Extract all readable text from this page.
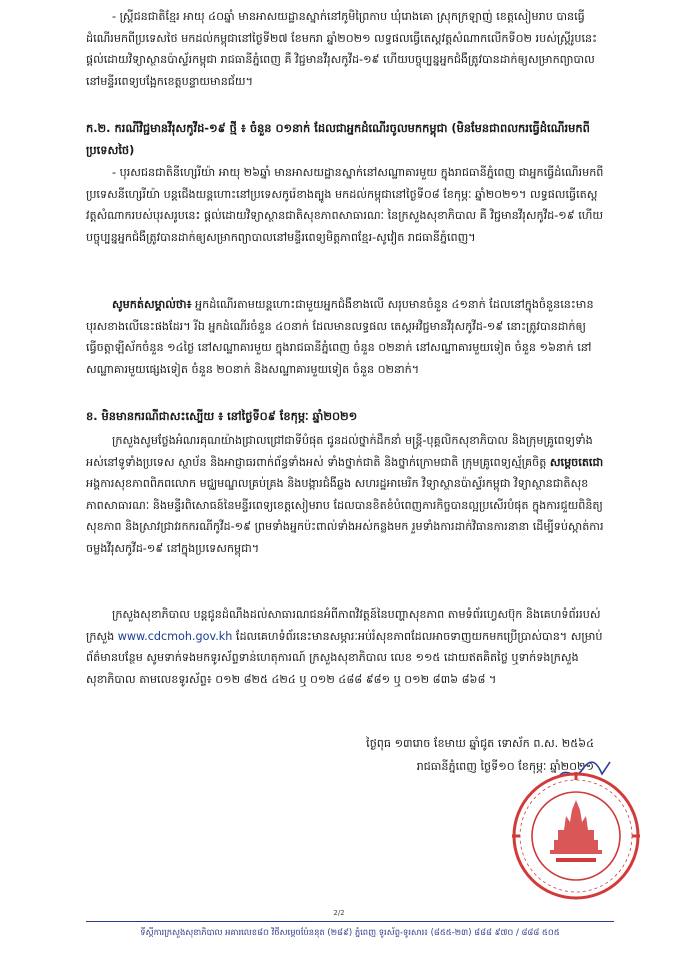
- ស្ត្រីជនជាតិខ្មែរ អាយុ ៤០ឆ្នាំ មានអាសយដ្ឋានស្នាក់នៅភូមិព្រៃកាប ឃុំរោងគោ ស្រុកក្រឡាញ់ ខេត្តសៀមរាប បានធ្វើដំណើរមកពីប្រទេសថៃ មកដល់កម្ពុជានៅថ្ងៃទី២៧ ខែមករា ឆ្នាំ២០២១ លទ្ធផលធ្វើតេស្តវត្តសំណាកលើកទី០២ របស់ស្ត្រីរូបនេះ ផ្តល់ដោយវិទ្យាស្ថានប៉ាស្ទ័រកម្ពុជា រាជធានីភ្នំពេញ គឺ វិជ្ជមានវីរុសកូវីដ-១៩ ហើយបច្ចុប្បន្នអ្នកជំងឺត្រូវបានដាក់ឲ្យសម្រាកព្យាបាលនៅមន្ទីរពេទ្យបង្អែកខេត្តបន្ទាយមានជ័យ។

ក.២. ករណីវិជ្ជមានវីរុសកូវីដ-១៩ ថ្មី ៖ ចំនួន ០១នាក់ ដែលជាអ្នកដំណើរចូលមកកម្ពុជា (មិនមែនជាពលករធ្វើដំណើរមកពីប្រទេសថៃ)

- បុរសជនជាតិនីហ្សេរីយ៉ា អាយុ ២៦ឆ្នាំ មានអាសយដ្ឋានស្នាក់នៅសណ្ឋាគារមួយ ក្នុងរាជធានីភ្នំពេញ ជាអ្នកធ្វើដំណើរមកពីប្រទេសនីហ្សេរីយ៉ា បន្តជើងយន្តហោះនៅប្រទេសកូរ៉េខាងត្បូង មកដល់កម្ពុជានៅថ្ងៃទី០៨ ខែកុម្ភៈ ឆ្នាំ២០២១។ លទ្ធផលធ្វើតេស្តវត្តសំណាករបស់បុរសរូបនេះ ផ្តល់ដោយវិទ្យាស្ថានជាតិសុខភាពសាធារណៈ នៃក្រសួងសុខាភិបាល គឺ វិជ្ជមានវីរុសកូវីដ-១៩ ហើយបច្ចុប្បន្នអ្នកជំងឺត្រូវបានដាក់ឲ្យសម្រាកព្យាបាលនៅមន្ទីរពេទ្យមិត្តភាពខ្មែរ-សូវៀត រាជធានីភ្នំពេញ។

សូមកត់សម្គាល់ថា៖ អ្នកដំណើរតាមយន្តហោះជាមួយអ្នកជំងឺខាងលើ សរុបមានចំនួន ៤១នាក់ ដែលនៅក្នុងចំនួននេះមាន បុរសខាងលើនេះផងដែរ។ រីឯ អ្នកដំណើរចំនួន ៤០នាក់ ដែលមានលទ្ធផល តេស្តអវិជ្ជមានវីរុសកូវីដ-១៩ នោះត្រូវបានដាក់ឲ្យធ្វើចត្តាឡីស័កចំនួន ១៤ថ្ងៃ នៅសណ្ឋាគារមួយ ក្នុងរាជធានីភ្នំពេញ ចំនួន ០២នាក់ នៅសណ្ឋាគារមួយទៀត ចំនួន ១៦នាក់ នៅសណ្ឋាគារមួយផ្សេងទៀត ចំនួន ២០នាក់ និងសណ្ឋាគារមួយទៀត ចំនួន ០២នាក់។

ខ. មិនមានករណីជាសះស្បើយ ៖ នៅថ្ងៃទី០៩ ខែកុម្ភៈ ឆ្នាំ២០២១

ក្រសួងសូមថ្លែងអំណរគុណយ៉ាងជ្រាលជ្រៅជាទីបំផុត ជូនដល់ថ្នាក់ដឹកនាំ មន្ត្រី-បុគ្គលិកសុខាភិបាល និងក្រុមគ្រូពេទ្យទាំងអស់នៅទូទាំងប្រទេស ស្ថាប័ន និងអាជ្ញាធរពាក់ព័ន្ធទាំងអស់ ទាំងថ្នាក់ជាតិ និងថ្នាក់ក្រោមជាតិ ក្រុមគ្រូពេទ្យស្ម័គ្រចិត្ត សម្តេចតេជោ អង្គការសុខភាពពិភពលោក មជ្ឈមណ្ឌលគ្រប់គ្រង និងបង្ការជំងឺឆ្លង សហរដ្ឋអាមេរិក វិទ្យាស្ថានប៉ាស្ទ័រកម្ពុជា វិទ្យាស្ថានជាតិសុខភាពសាធារណៈ និងមន្ទីរពិសោធន៍នៃមន្ទីរពេទ្យខេត្តសៀមរាប ដែលបានខិតខំបំពេញភារកិច្ចបានល្អប្រសើរបំផុត ក្នុងការជួយពិនិត្យសុខភាព និងស្រាវជ្រាវរកករណីកូវីដ-១៩ ព្រមទាំងអ្នកប៉ះពាល់ទាំងអស់កន្លងមក រួមទាំងការដាក់វិធានការនានា ដើម្បីទប់ស្កាត់ការចម្លងវីរុសកូវីដ-១៩ នៅក្នុងប្រទេសកម្ពុជា។

ក្រសួងសុខាភិបាល បន្តជូនដំណឹងដល់សាធារណជនអំពីភាពវិវត្តន៍នៃបញ្ហាសុខភាព តាមទំព័រហ្វេសប៊ុក និងគេហទំព័ររបស់ក្រសួង www.cdcmoh.gov.kh ដែលគេហទំព័រនេះមានសម្ភារៈអប់រំសុខភាពដែលអាចទាញយកមកប្រើប្រាស់បាន។ សម្រាប់ព័ត៌មានបន្ថែម សូមទាក់ទងមកទូរស័ព្ទទាន់ហេតុការណ៍ ក្រសួងសុខាភិបាល លេខ ១១៥ ដោយឥតគិតថ្លៃ ឬទាក់ទងក្រសួងសុខាភិបាល តាមលេខទូរស័ព្ទ៖ ០១២ ៨២៥ ៤២៤ ឬ ០១២ ៤៨៨ ៩៨១ ឬ ០១២ ៨៣៦ ៨៦៨ ។

ថ្ងៃពុធ ១៣រោច ខែមាឃ ឆ្នាំជូត ទោស័ក ព.ស. ២៥៦៤

រាជធានីភ្នំពេញ ថ្ងៃទី១០ ខែកុម្ភៈ ឆ្នាំ២០២១

2/2
ទីស្តីការក្រសួងសុខាភិបាល អគារលេខ៨០ វិថីសម្តេចប៉ែននុត (២៨៩) ភ្នំពេញ ទូរស័ព្ទ-ទូរសារ៖ (៨៥៥-២៣) ៨៨៨ ៩៧០ / ៨៨៨ ៥០៥
